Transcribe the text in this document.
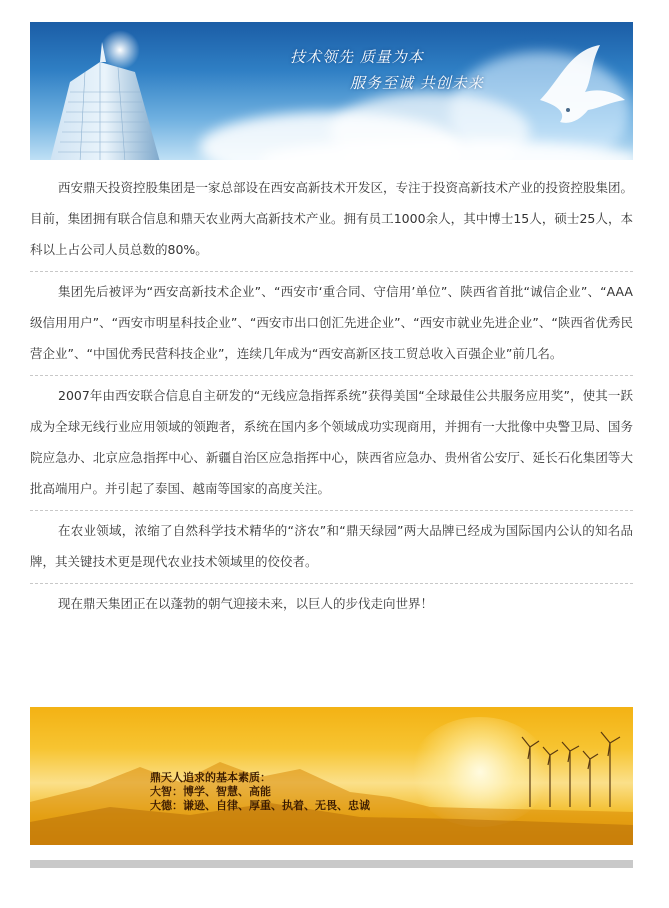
技术领先 质量为本
服务至诚 共创未来

西安鼎天投资控股集团是一家总部设在西安高新技术开发区，专注于投资高新技术产业的投资控股集团。目前，集团拥有联合信息和鼎天农业两大高新技术产业。拥有员工1000余人，其中博士15人，硕士25人，本科以上占公司人员总数的80%。

集团先后被评为“西安高新技术企业”、“西安市‘重合同、守信用’单位”、陕西省首批“诚信企业”、“AAA级信用用户”、“西安市明星科技企业”、“西安市出口创汇先进企业”、“西安市就业先进企业”、“陕西省优秀民营企业”、“中国优秀民营科技企业”，连续几年成为“西安高新区技工贸总收入百强企业”前几名。

2007年由西安联合信息自主研发的“无线应急指挥系统”获得美国“全球最佳公共服务应用奖”，使其一跃成为全球无线行业应用领域的领跑者，系统在国内多个领域成功实现商用，并拥有一大批像中央警卫局、国务院应急办、北京应急指挥中心、新疆自治区应急指挥中心，陕西省应急办、贵州省公安厅、延长石化集团等大批高端用户。并引起了泰国、越南等国家的高度关注。

在农业领域，浓缩了自然科学技术精华的“济农”和“鼎天绿园”两大品牌已经成为国际国内公认的知名品牌，其关键技术更是现代农业技术领域里的佼佼者。

现在鼎天集团正在以蓬勃的朝气迎接未来，以巨人的步伐走向世界！

鼎天人追求的基本素质：
大智：博学、智慧、高能
大德：谦逊、自律、厚重、执着、无畏、忠诚
